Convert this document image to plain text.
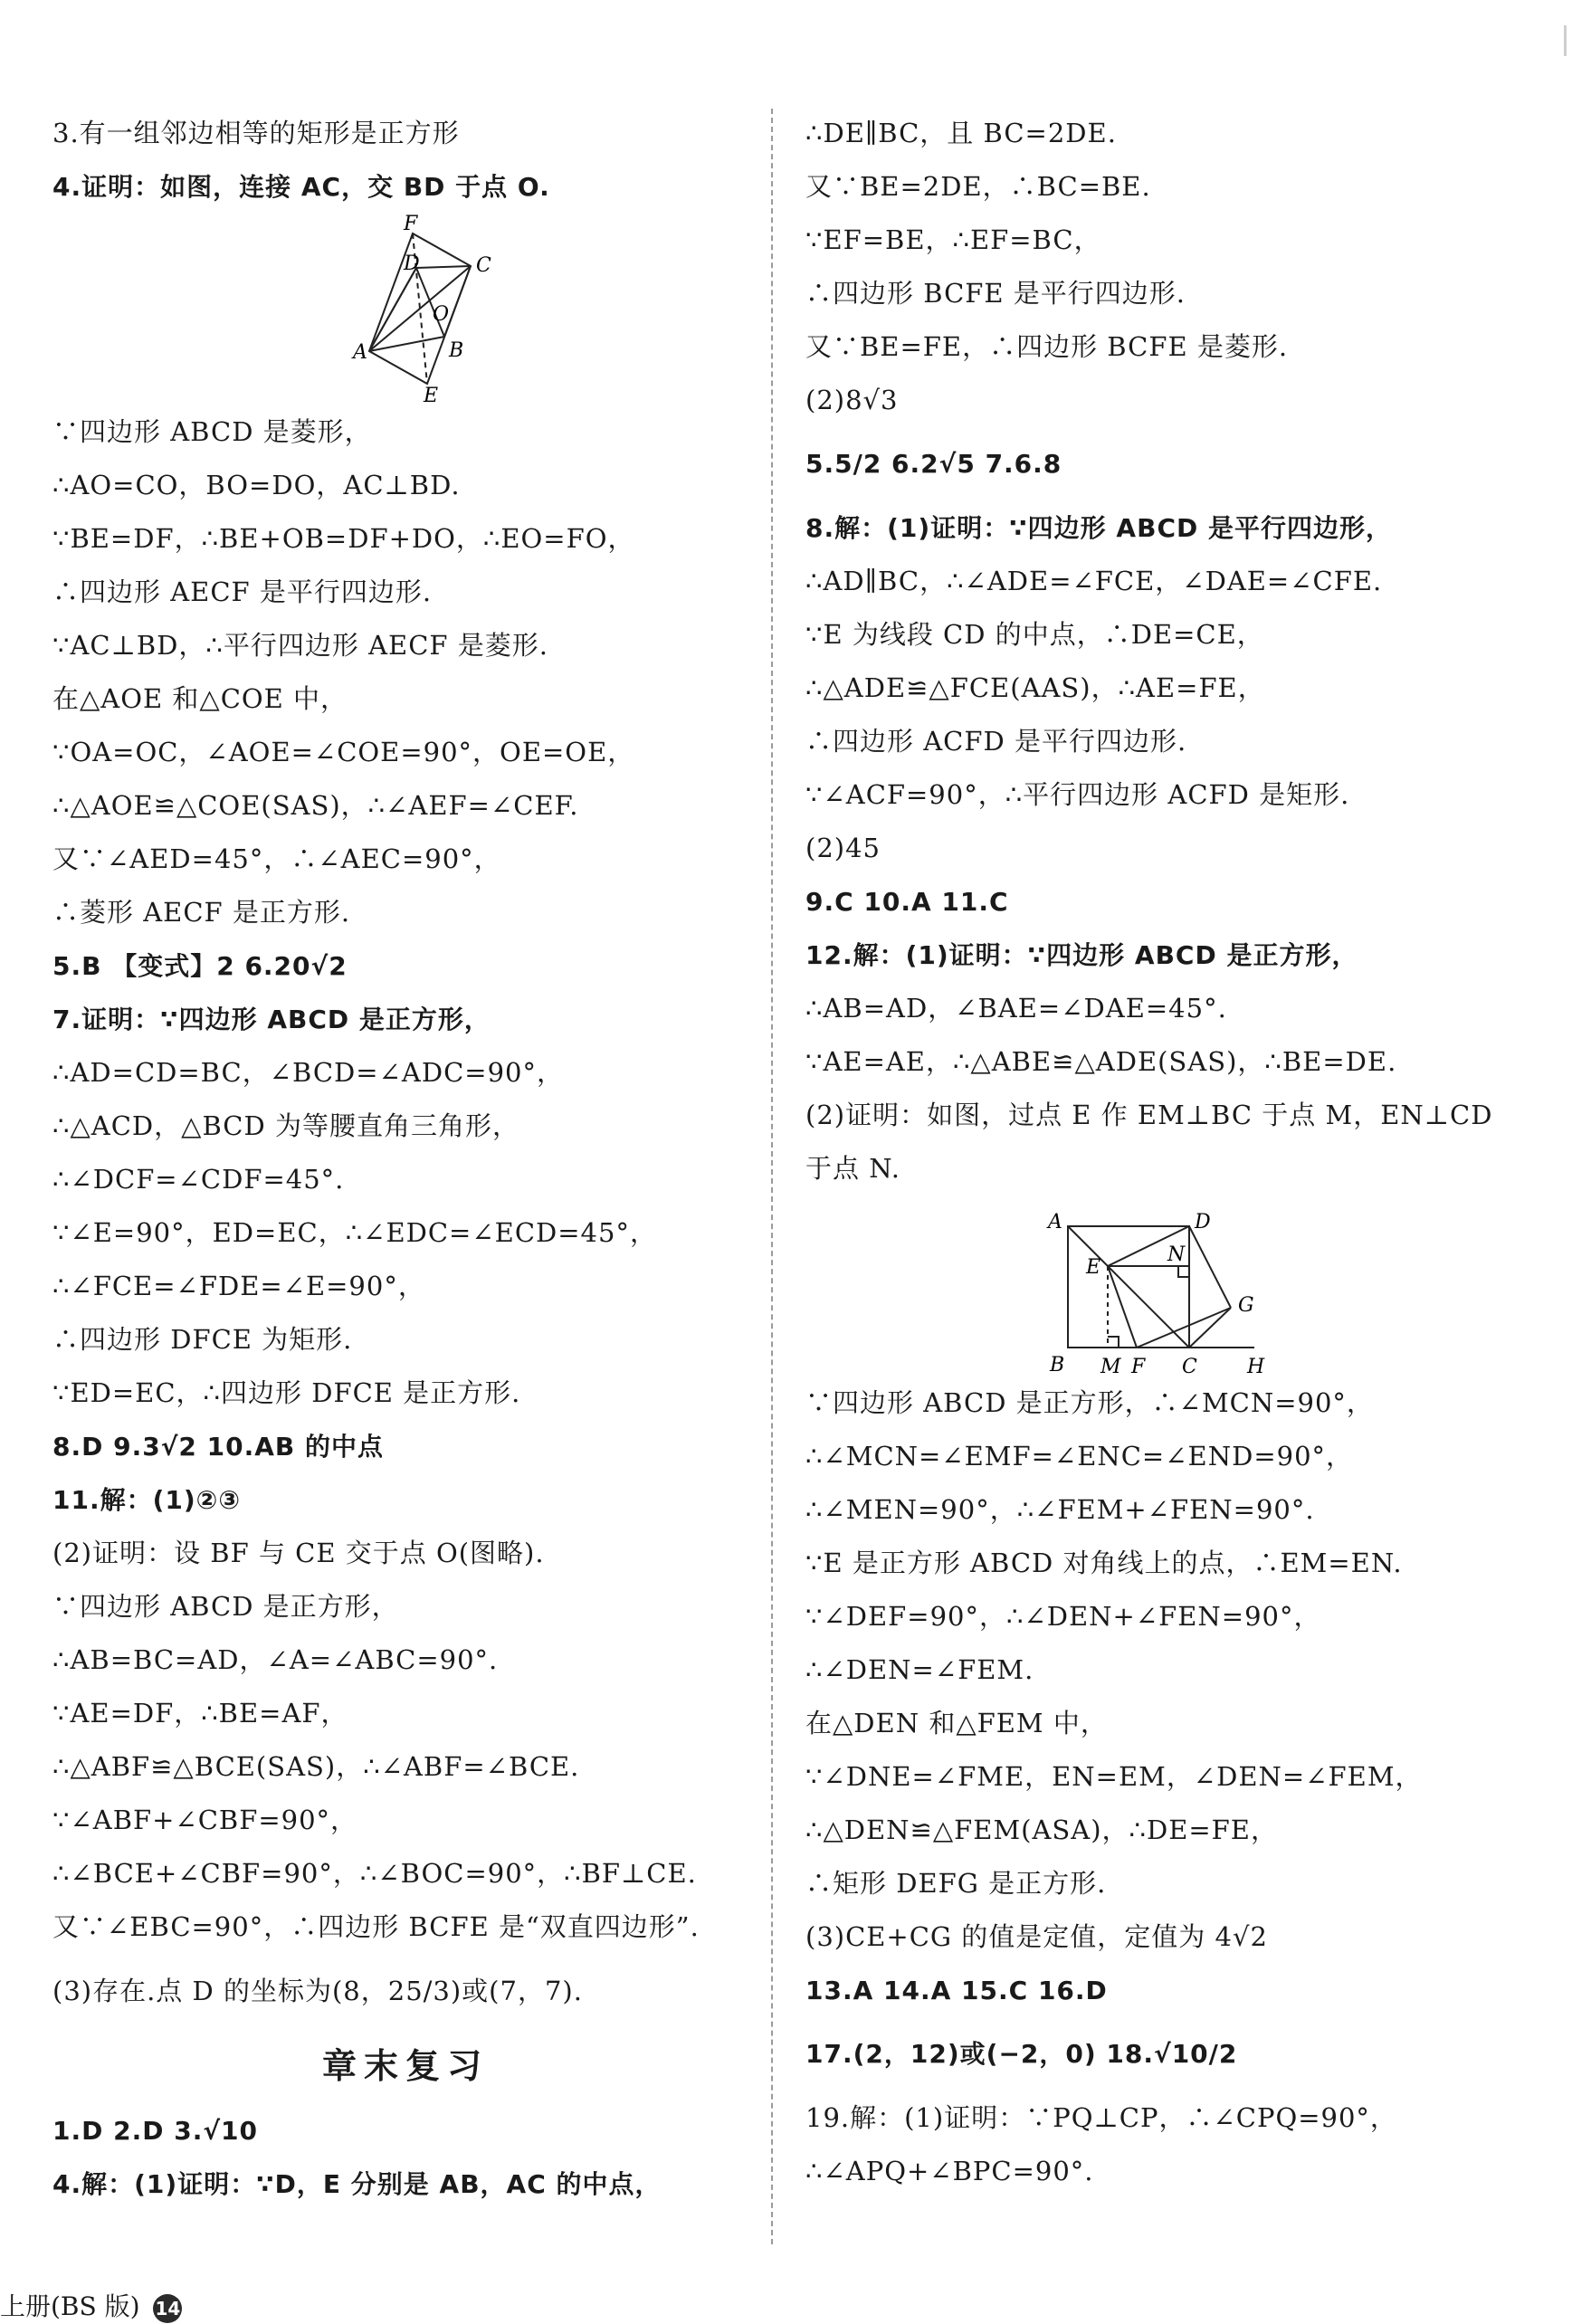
3.有一组邻边相等的矩形是正方形
4.证明：如图，连接 AC，交 BD 于点 O.
F
D	C
O
A	B
E
∵四边形 ABCD 是菱形，
∴AO=CO，BO=DO，AC⊥BD.
∵BE=DF，∴BE+OB=DF+DO，∴EO=FO，
∴四边形 AECF 是平行四边形.
∵AC⊥BD，∴平行四边形 AECF 是菱形.
在△AOE 和△COE 中，
∵OA=OC，∠AOE=∠COE=90°，OE=OE，
∴△AOE≌△COE(SAS)，∴∠AEF=∠CEF.
又∵∠AED=45°，∴∠AEC=90°，
∴菱形 AECF 是正方形.
5.B 【变式】2 6.20√2
7.证明：∵四边形 ABCD 是正方形，
∴AD=CD=BC，∠BCD=∠ADC=90°，
∴△ACD，△BCD 为等腰直角三角形，
∴∠DCF=∠CDF=45°.
∵∠E=90°，ED=EC，∴∠EDC=∠ECD=45°，
∴∠FCE=∠FDE=∠E=90°，
∴四边形 DFCE 为矩形.
∵ED=EC，∴四边形 DFCE 是正方形.
8.D 9.3√2 10.AB 的中点
11.解：(1)②③
(2)证明：设 BF 与 CE 交于点 O(图略).
∵四边形 ABCD 是正方形，
∴AB=BC=AD，∠A=∠ABC=90°.
∵AE=DF，∴BE=AF，
∴△ABF≌△BCE(SAS)，∴∠ABF=∠BCE.
∵∠ABF+∠CBF=90°，
∴∠BCE+∠CBF=90°，∴∠BOC=90°，∴BF⊥CE.
又∵∠EBC=90°，∴四边形 BCFE 是“双直四边形”.
(3)存在.点 D 的坐标为(8，25/3)或(7，7).
章末复习
1.D 2.D 3.√10
4.解：(1)证明：∵D，E 分别是 AB，AC 的中点，
∴DE∥BC，且 BC=2DE.
又∵BE=2DE，∴BC=BE.
∵EF=BE，∴EF=BC，
∴四边形 BCFE 是平行四边形.
又∵BE=FE，∴四边形 BCFE 是菱形.
(2)8√3
5.5/2 6.2√5 7.6.8
8.解：(1)证明：∵四边形 ABCD 是平行四边形，
∴AD∥BC，∴∠ADE=∠FCE，∠DAE=∠CFE.
∵E 为线段 CD 的中点，∴DE=CE，
∴△ADE≌△FCE(AAS)，∴AE=FE，
∴四边形 ACFD 是平行四边形.
∵∠ACF=90°，∴平行四边形 ACFD 是矩形.
(2)45
9.C 10.A 11.C
12.解：(1)证明：∵四边形 ABCD 是正方形，
∴AB=AD，∠BAE=∠DAE=45°.
∵AE=AE，∴△ABE≌△ADE(SAS)，∴BE=DE.
(2)证明：如图，过点 E 作 EM⊥BC 于点 M，EN⊥CD
于点 N.
A	D
N
E
G
B M F C	H
∵四边形 ABCD 是正方形，∴∠MCN=90°，
∴∠MCN=∠EMF=∠ENC=∠END=90°，
∴∠MEN=90°，∴∠FEM+∠FEN=90°.
∵E 是正方形 ABCD 对角线上的点，∴EM=EN.
∵∠DEF=90°，∴∠DEN+∠FEN=90°，
∴∠DEN=∠FEM.
在△DEN 和△FEM 中，
∵∠DNE=∠FME，EN=EM，∠DEN=∠FEM，
∴△DEN≌△FEM(ASA)，∴DE=FE，
∴矩形 DEFG 是正方形.
(3)CE+CG 的值是定值，定值为 4√2
13.A 14.A 15.C 16.D
17.(2，12)或(−2，0) 18.√10/2
19.解：(1)证明：∵PQ⊥CP，∴∠CPQ=90°，
∴∠APQ+∠BPC=90°.
上册(BS 版) 14
